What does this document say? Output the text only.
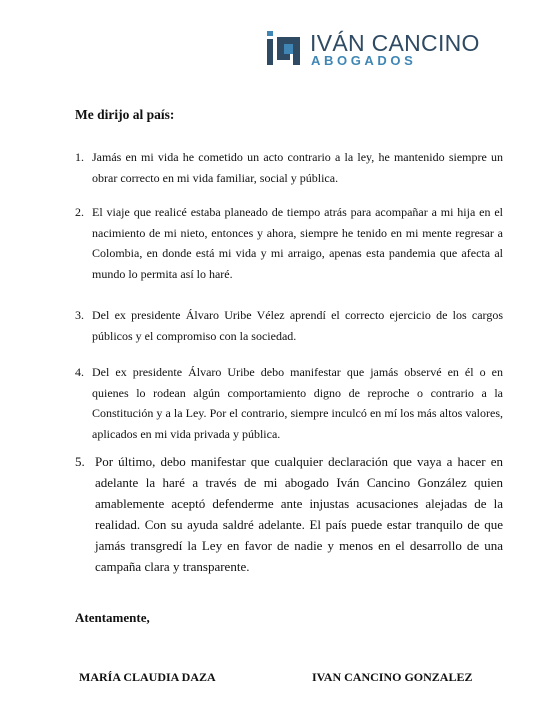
IVÁN CANCINO
ABOGADOS
Me dirijo al país:
1. Jamás en mi vida he cometido un acto contrario a la ley, he mantenido siempre un obrar correcto en mi vida familiar, social y pública.
2. El viaje que realicé estaba planeado de tiempo atrás para acompañar a mi hija en el nacimiento de mi nieto, entonces y ahora, siempre he tenido en mi mente regresar a Colombia, en donde está mi vida y mi arraigo, apenas esta pandemia que afecta al mundo lo permita así lo haré.
3. Del ex presidente Álvaro Uribe Vélez aprendí el correcto ejercicio de los cargos públicos y el compromiso con la sociedad.
4. Del ex presidente Álvaro Uribe debo manifestar que jamás observé en él o en quienes lo rodean algún comportamiento digno de reproche o contrario a la Constitución y a la Ley. Por el contrario, siempre inculcó en mí los más altos valores, aplicados en mi vida privada y pública.
5. Por último, debo manifestar que cualquier declaración que vaya a hacer en adelante la haré a través de mi abogado Iván Cancino González quien amablemente aceptó defenderme ante injustas acusaciones alejadas de la realidad. Con su ayuda saldré adelante. El país puede estar tranquilo de que jamás transgredí la Ley en favor de nadie y menos en el desarrollo de una campaña clara y transparente.
Atentamente,
MARÍA CLAUDIA DAZA	IVAN CANCINO GONZALEZ
